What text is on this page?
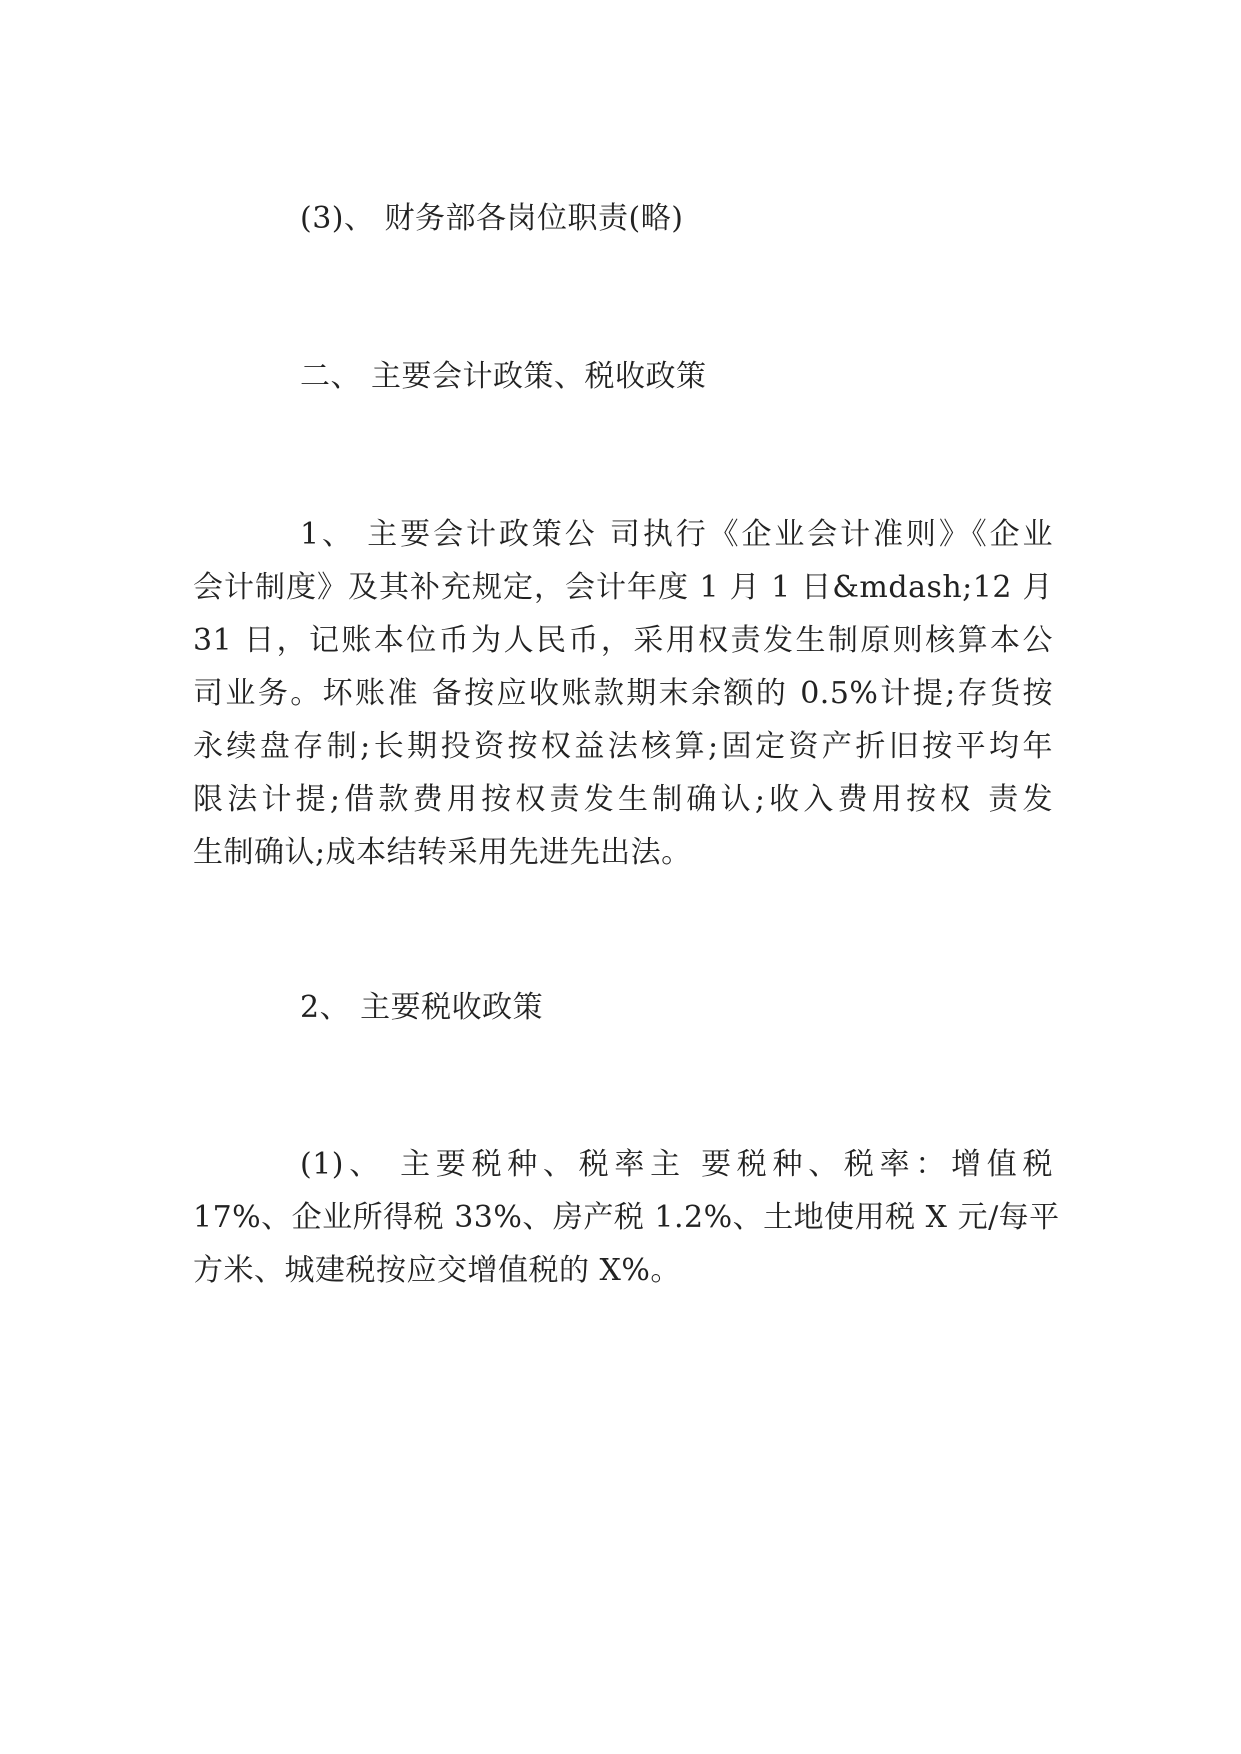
(3)、 财务部各岗位职责(略)
二、 主要会计政策、税收政策
1、 主要会计政策公 司执行《企业会计准则》《企业
会计制度》及其补充规定，会计年度 1 月 1 日&mdash;12 月
31 日，记账本位币为人民币，采用权责发生制原则核算本公
司业务。坏账准 备按应收账款期末余额的 0.5%计提;存货按
永续盘存制;长期投资按权益法核算;固定资产折旧按平均年
限法计提;借款费用按权责发生制确认;收入费用按权 责发
生制确认;成本结转采用先进先出法。
2、 主要税收政策
(1)、 主要税种、税率主 要税种、税率：增值税
17%、企业所得税 33%、房产税 1.2%、土地使用税 X 元/每平
方米、城建税按应交增值税的 X%。
